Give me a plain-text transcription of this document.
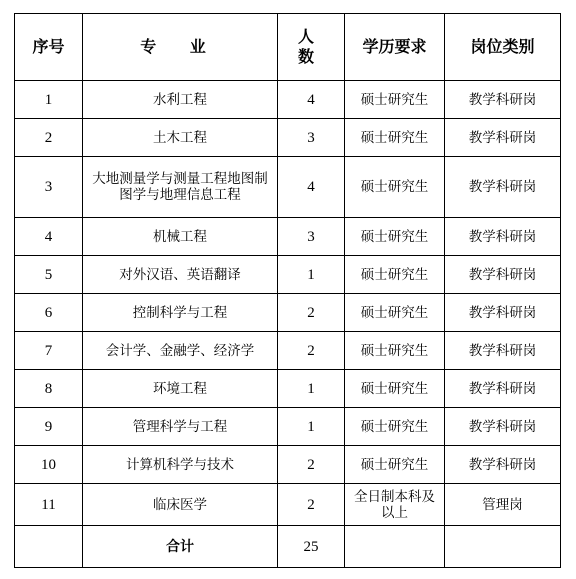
序号	专 业	人 数	学历要求	岗位类别
1	水利工程	4	硕士研究生	教学科研岗
2	土木工程	3	硕士研究生	教学科研岗
3	大地测量学与测量工程地图制图学与地理信息工程	4	硕士研究生	教学科研岗
4	机械工程	3	硕士研究生	教学科研岗
5	对外汉语、英语翻译	1	硕士研究生	教学科研岗
6	控制科学与工程	2	硕士研究生	教学科研岗
7	会计学、金融学、经济学	2	硕士研究生	教学科研岗
8	环境工程	1	硕士研究生	教学科研岗
9	管理科学与工程	1	硕士研究生	教学科研岗
10	计算机科学与技术	2	硕士研究生	教学科研岗
11	临床医学	2	全日制本科及以上	管理岗
	合计	25		
